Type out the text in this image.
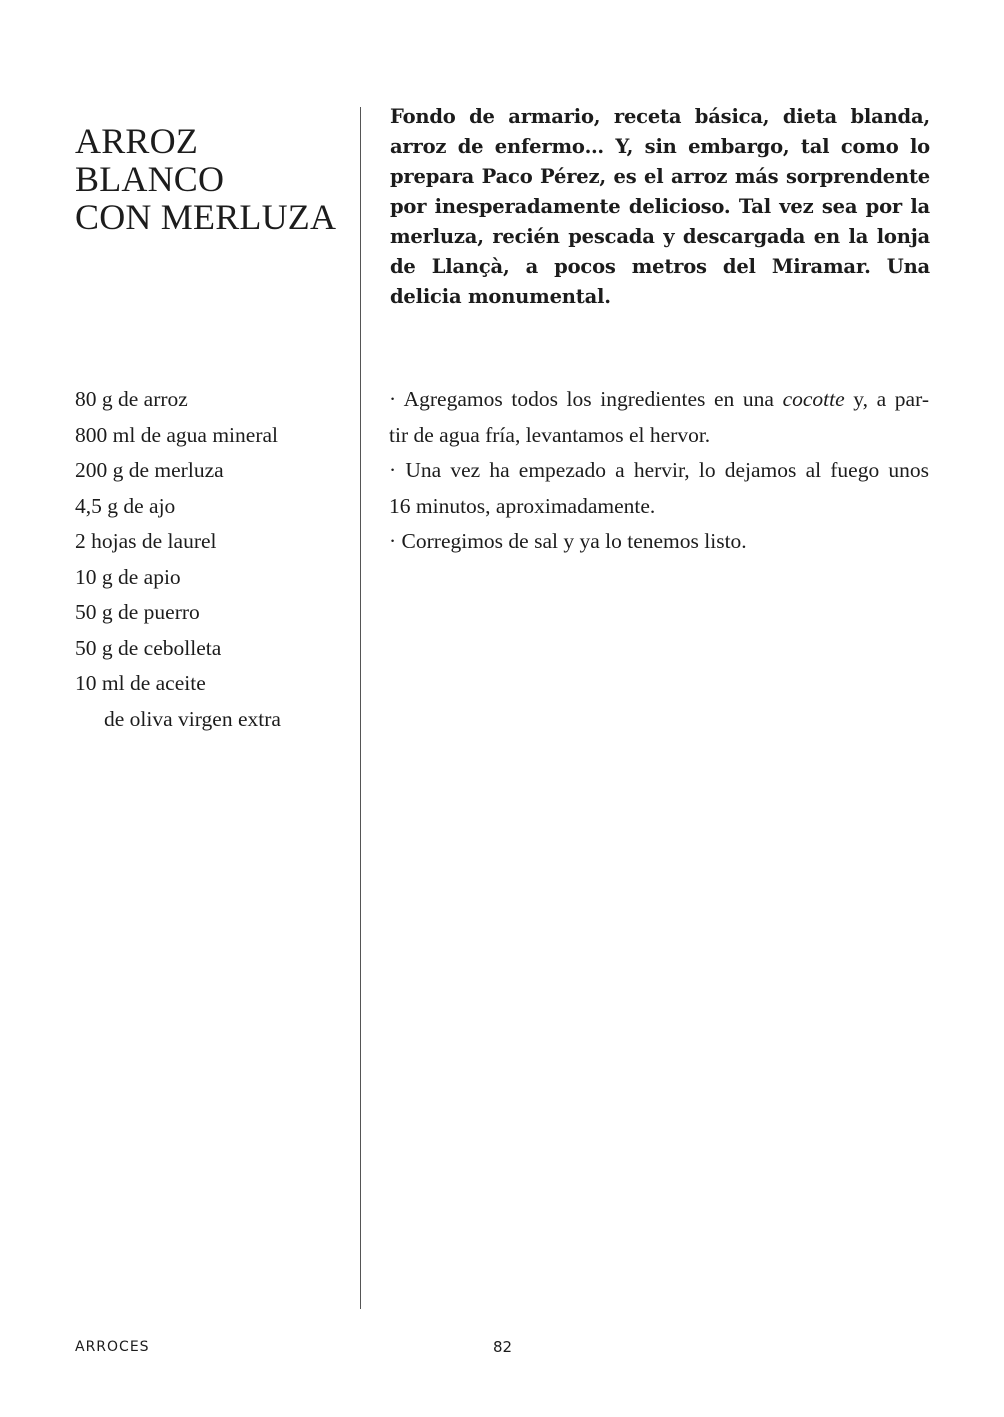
ARROZ
BLANCO
CON MERLUZA

Fondo de armario, receta básica, dieta blanda, arroz de enfermo… Y, sin embargo, tal como lo prepara Paco Pérez, es el arroz más sorprendente por inesperadamente delicioso. Tal vez sea por la merluza, recién pescada y descargada en la lonja de Llançà, a pocos metros del Miramar. Una delicia monumental.

80 g de arroz
800 ml de agua mineral
200 g de merluza
4,5 g de ajo
2 hojas de laurel
10 g de apio
50 g de puerro
50 g de cebolleta
10 ml de aceite
de oliva virgen extra
· Agregamos todos los ingredientes en una cocotte y, a par-
tir de agua fría, levantamos el hervor.
· Una vez ha empezado a hervir, lo dejamos al fuego unos
16 minutos, aproximadamente.
· Corregimos de sal y ya lo tenemos listo.
ARROCES	82
